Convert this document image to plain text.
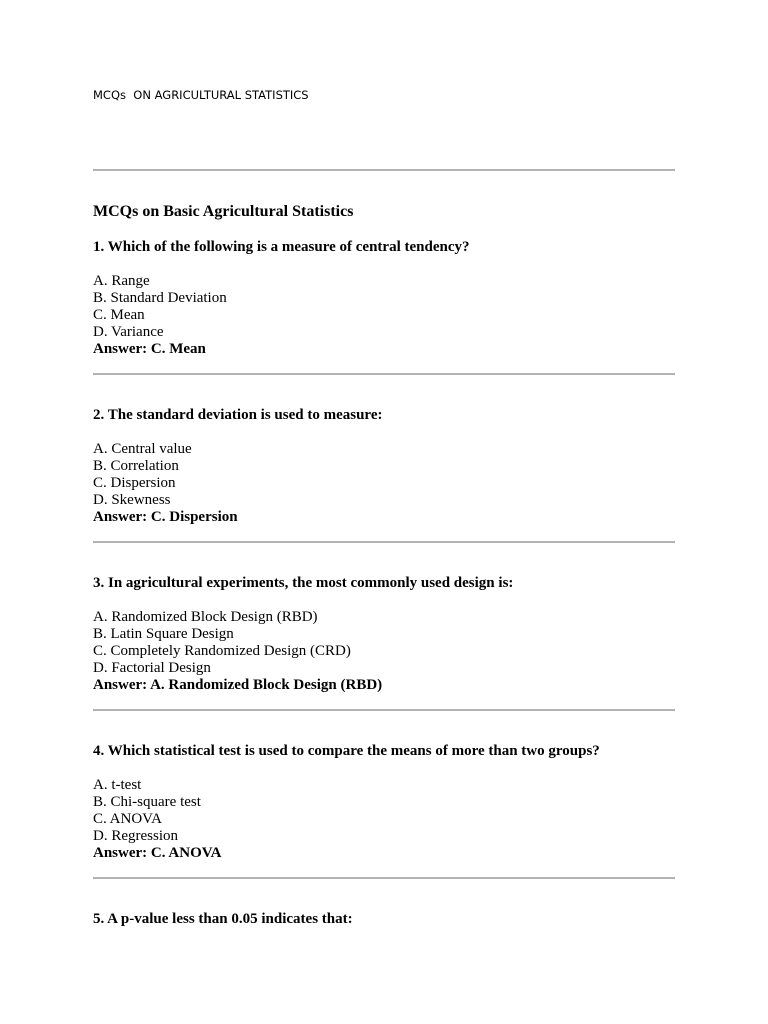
MCQs  ON AGRICULTURAL STATISTICS
MCQs on Basic Agricultural Statistics
1. Which of the following is a measure of central tendency?
A. Range
B. Standard Deviation
C. Mean
D. Variance
Answer: C. Mean
2. The standard deviation is used to measure:
A. Central value
B. Correlation
C. Dispersion
D. Skewness
Answer: C. Dispersion
3. In agricultural experiments, the most commonly used design is:
A. Randomized Block Design (RBD)
B. Latin Square Design
C. Completely Randomized Design (CRD)
D. Factorial Design
Answer: A. Randomized Block Design (RBD)
4. Which statistical test is used to compare the means of more than two groups?
A. t-test
B. Chi-square test
C. ANOVA
D. Regression
Answer: C. ANOVA
5. A p-value less than 0.05 indicates that:
